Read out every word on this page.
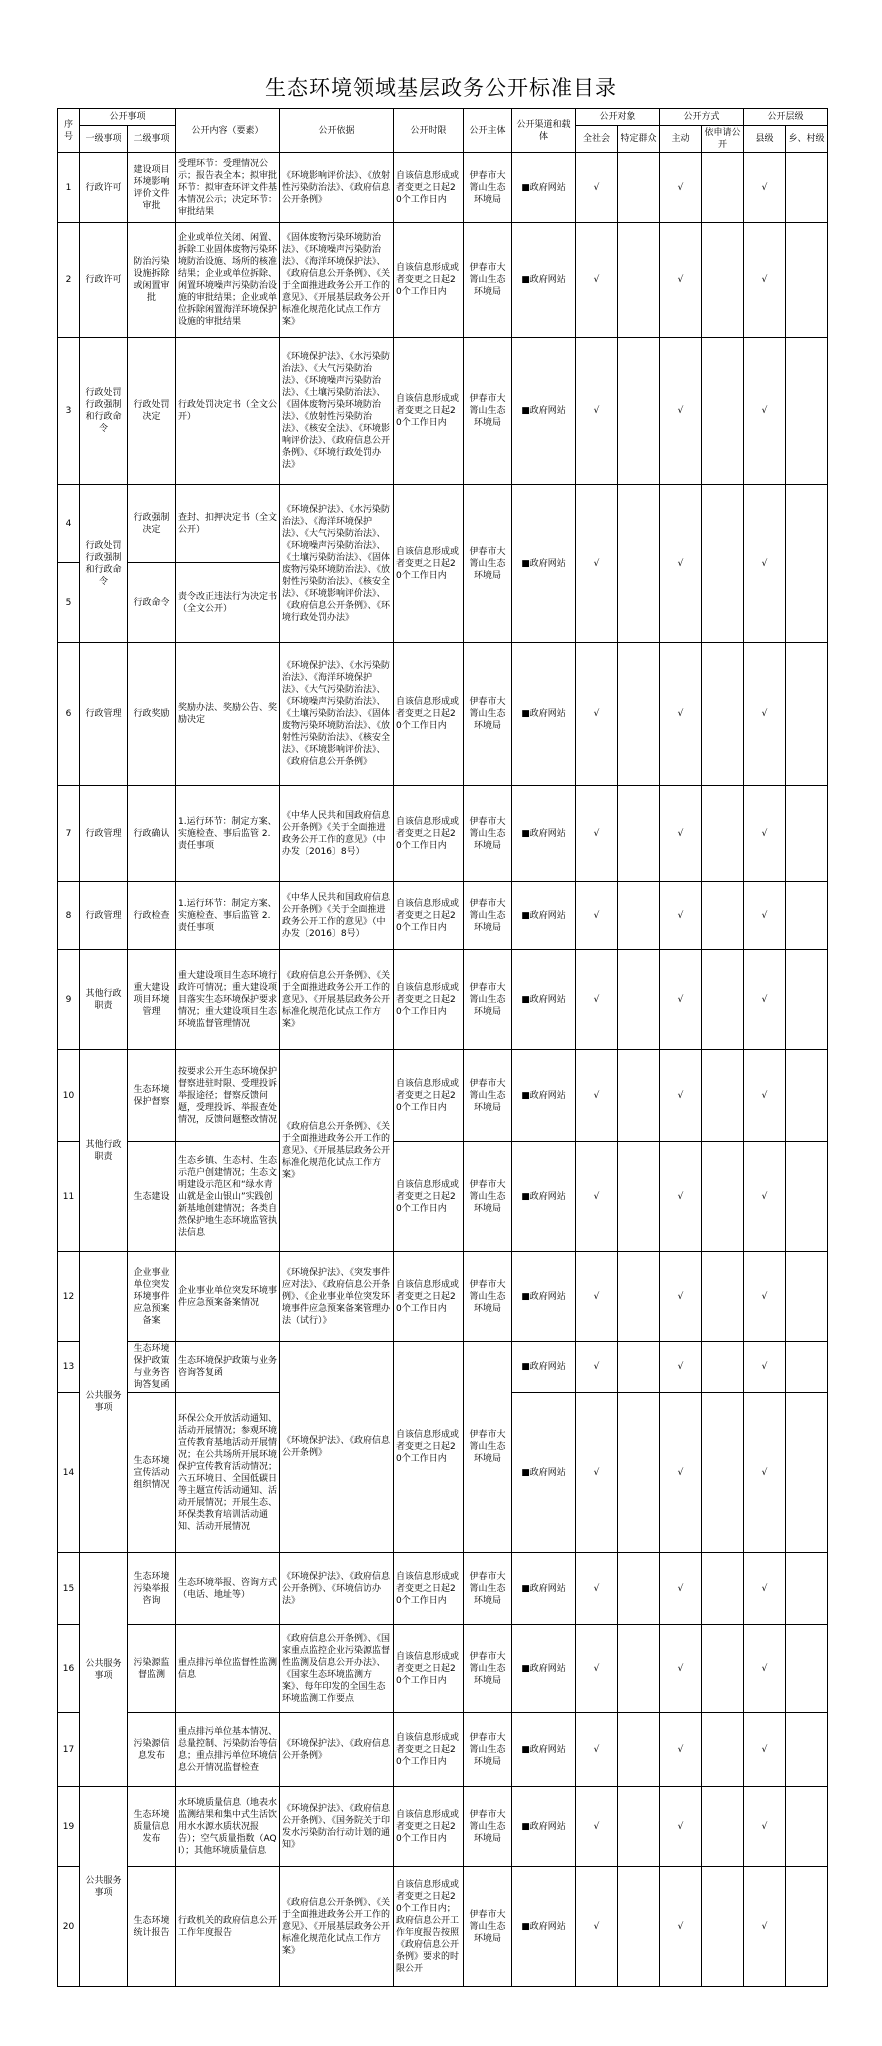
生态环境领域基层政务公开标准目录
序号	公开事项		公开内容（要素）	公开依据	公开时限	公开主体	公开渠道和载体	公开对象		公开方式		公开层级	
	一级事项	二级事项						全社会	特定群众	主动	依申请公开	县级	乡、村级
1	行政许可	建设项目环境影响评价文件审批	受理环节：受理情况公示；报告表全本；拟审批环节：拟审查环评文件基本情况公示；决定环节：审批结果	《环境影响评价法》、《放射性污染防治法》、《政府信息公开条例》	自该信息形成或者变更之日起20个工作日内	伊春市大箐山生态环境局	■政府网站	√		√		√	
2	行政许可	防治污染设施拆除或闲置审批	企业或单位关闭、闲置、拆除工业固体废物污染环境防治设施、场所的核准结果；企业或单位拆除、闲置环境噪声污染防治设施的审批结果；企业或单位拆除闲置海洋环境保护设施的审批结果	《固体废物污染环境防治法》、《环境噪声污染防治法》、《海洋环境保护法》、《政府信息公开条例》、《关于全面推进政务公开工作的意见》、《开展基层政务公开标准化规范化试点工作方案》	自该信息形成或者变更之日起20个工作日内	伊春市大箐山生态环境局	■政府网站	√		√		√	
3	行政处罚行政强制和行政命令	行政处罚决定	行政处罚决定书（全文公开）	《环境保护法》、《水污染防治法》、《大气污染防治法》、《环境噪声污染防治法》、《土壤污染防治法》、《固体废物污染环境防治法》、《放射性污染防治法》、《核安全法》、《环境影响评价法》、《政府信息公开条例》、《环境行政处罚办法》	自该信息形成或者变更之日起20个工作日内	伊春市大箐山生态环境局	■政府网站	√		√		√	
4	行政处罚行政强制和行政命令	行政强制决定	查封、扣押决定书（全文公开）	《环境保护法》、《水污染防治法》、《海洋环境保护法》、《大气污染防治法》、《环境噪声污染防治法》、《土壤污染防治法》、《固体废物污染环境防治法》、《放射性污染防治法》、《核安全法》、《环境影响评价法》、《政府信息公开条例》、《环境行政处罚办法》	自该信息形成或者变更之日起20个工作日内	伊春市大箐山生态环境局	■政府网站	√		√		√	
5		行政命令	责令改正违法行为决定书（全文公开）										
6	行政管理	行政奖励	奖励办法、奖励公告、奖励决定	《环境保护法》、《水污染防治法》、《海洋环境保护法》、《大气污染防治法》、《环境噪声污染防治法》、《土壤污染防治法》、《固体废物污染环境防治法》、《放射性污染防治法》、《核安全法》、《环境影响评价法》、《政府信息公开条例》	自该信息形成或者变更之日起20个工作日内	伊春市大箐山生态环境局	■政府网站	√		√		√	
7	行政管理	行政确认	1.运行环节：制定方案、实施检查、事后监管 2.责任事项	《中华人民共和国政府信息公开条例》《关于全面推进政务公开工作的意见》（中办发〔2016〕8号）	自该信息形成或者变更之日起20个工作日内	伊春市大箐山生态环境局	■政府网站	√		√		√	
8	行政管理	行政检查	1.运行环节：制定方案、实施检查、事后监管 2.责任事项	《中华人民共和国政府信息公开条例》《关于全面推进政务公开工作的意见》（中办发〔2016〕8号）	自该信息形成或者变更之日起20个工作日内	伊春市大箐山生态环境局	■政府网站	√		√		√	
9	其他行政职责	重大建设项目环境管理	重大建设项目生态环境行政许可情况；重大建设项目落实生态环境保护要求情况；重大建设项目生态环境监督管理情况	《政府信息公开条例》、《关于全面推进政务公开工作的意见》、《开展基层政务公开标准化规范化试点工作方案》	自该信息形成或者变更之日起20个工作日内	伊春市大箐山生态环境局	■政府网站	√		√		√	
10	其他行政职责	生态环境保护督察	按要求公开生态环境保护督察进驻时限、受理投诉举报途径；督察反馈问题，受理投诉、举报查处情况，反馈问题整改情况	《政府信息公开条例》、《关于全面推进政务公开工作的意见》、《开展基层政务公开标准化规范化试点工作方案》	自该信息形成或者变更之日起20个工作日内	伊春市大箐山生态环境局	■政府网站	√		√		√	
11		生态建设	生态乡镇、生态村、生态示范户创建情况；生态文明建设示范区和“绿水青山就是金山银山”实践创新基地创建情况；各类自然保护地生态环境监管执法信息		自该信息形成或者变更之日起20个工作日内	伊春市大箐山生态环境局	■政府网站	√		√		√	
12	公共服务事项	企业事业单位突发环境事件应急预案备案	企业事业单位突发环境事件应急预案备案情况	《环境保护法》、《突发事件应对法》、《政府信息公开条例》、《企业事业单位突发环境事件应急预案备案管理办法（试行）》	自该信息形成或者变更之日起20个工作日内	伊春市大箐山生态环境局	■政府网站	√		√		√	
13		生态环境保护政策与业务咨询答复函	生态环境保护政策与业务咨询答复函	《环境保护法》、《政府信息公开条例》	自该信息形成或者变更之日起20个工作日内	伊春市大箐山生态环境局	■政府网站	√		√		√	
14		生态环境宣传活动组织情况	环保公众开放活动通知、活动开展情况；参观环境宣传教育基地活动开展情况；在公共场所开展环境保护宣传教育活动情况；六五环境日、全国低碳日等主题宣传活动通知、活动开展情况；开展生态、环保类教育培训活动通知、活动开展情况				■政府网站	√		√		√	
15	公共服务事项	生态环境污染举报咨询	生态环境举报、咨询方式（电话、地址等）	《环境保护法》、《政府信息公开条例》、《环境信访办法》	自该信息形成或者变更之日起20个工作日内	伊春市大箐山生态环境局	■政府网站	√		√		√	
16		污染源监督监测	重点排污单位监督性监测信息	《政府信息公开条例》、《国家重点监控企业污染源监督性监测及信息公开办法》、《国家生态环境监测方案》、每年印发的全国生态环境监测工作要点	自该信息形成或者变更之日起20个工作日内	伊春市大箐山生态环境局	■政府网站	√		√		√	
17		污染源信息发布	重点排污单位基本情况、总量控制、污染防治等信息；重点排污单位环境信息公开情况监督检查	《环境保护法》、《政府信息公开条例》	自该信息形成或者变更之日起20个工作日内	伊春市大箐山生态环境局	■政府网站	√		√		√	
19	公共服务事项	生态环境质量信息发布	水环境质量信息（地表水监测结果和集中式生活饮用水水源水质状况报告）；空气质量指数（AQI）；其他环境质量信息	《环境保护法》、《政府信息公开条例》、《国务院关于印发水污染防治行动计划的通知》	自该信息形成或者变更之日起20个工作日内	伊春市大箐山生态环境局	■政府网站	√		√		√	
20		生态环境统计报告	行政机关的政府信息公开工作年度报告	《政府信息公开条例》、《关于全面推进政务公开工作的意见》、《开展基层政务公开标准化规范化试点工作方案》	自该信息形成或者变更之日起20个工作日内；政府信息公开工作年度报告按照《政府信息公开条例》要求的时限公开	伊春市大箐山生态环境局	■政府网站	√		√		√	
